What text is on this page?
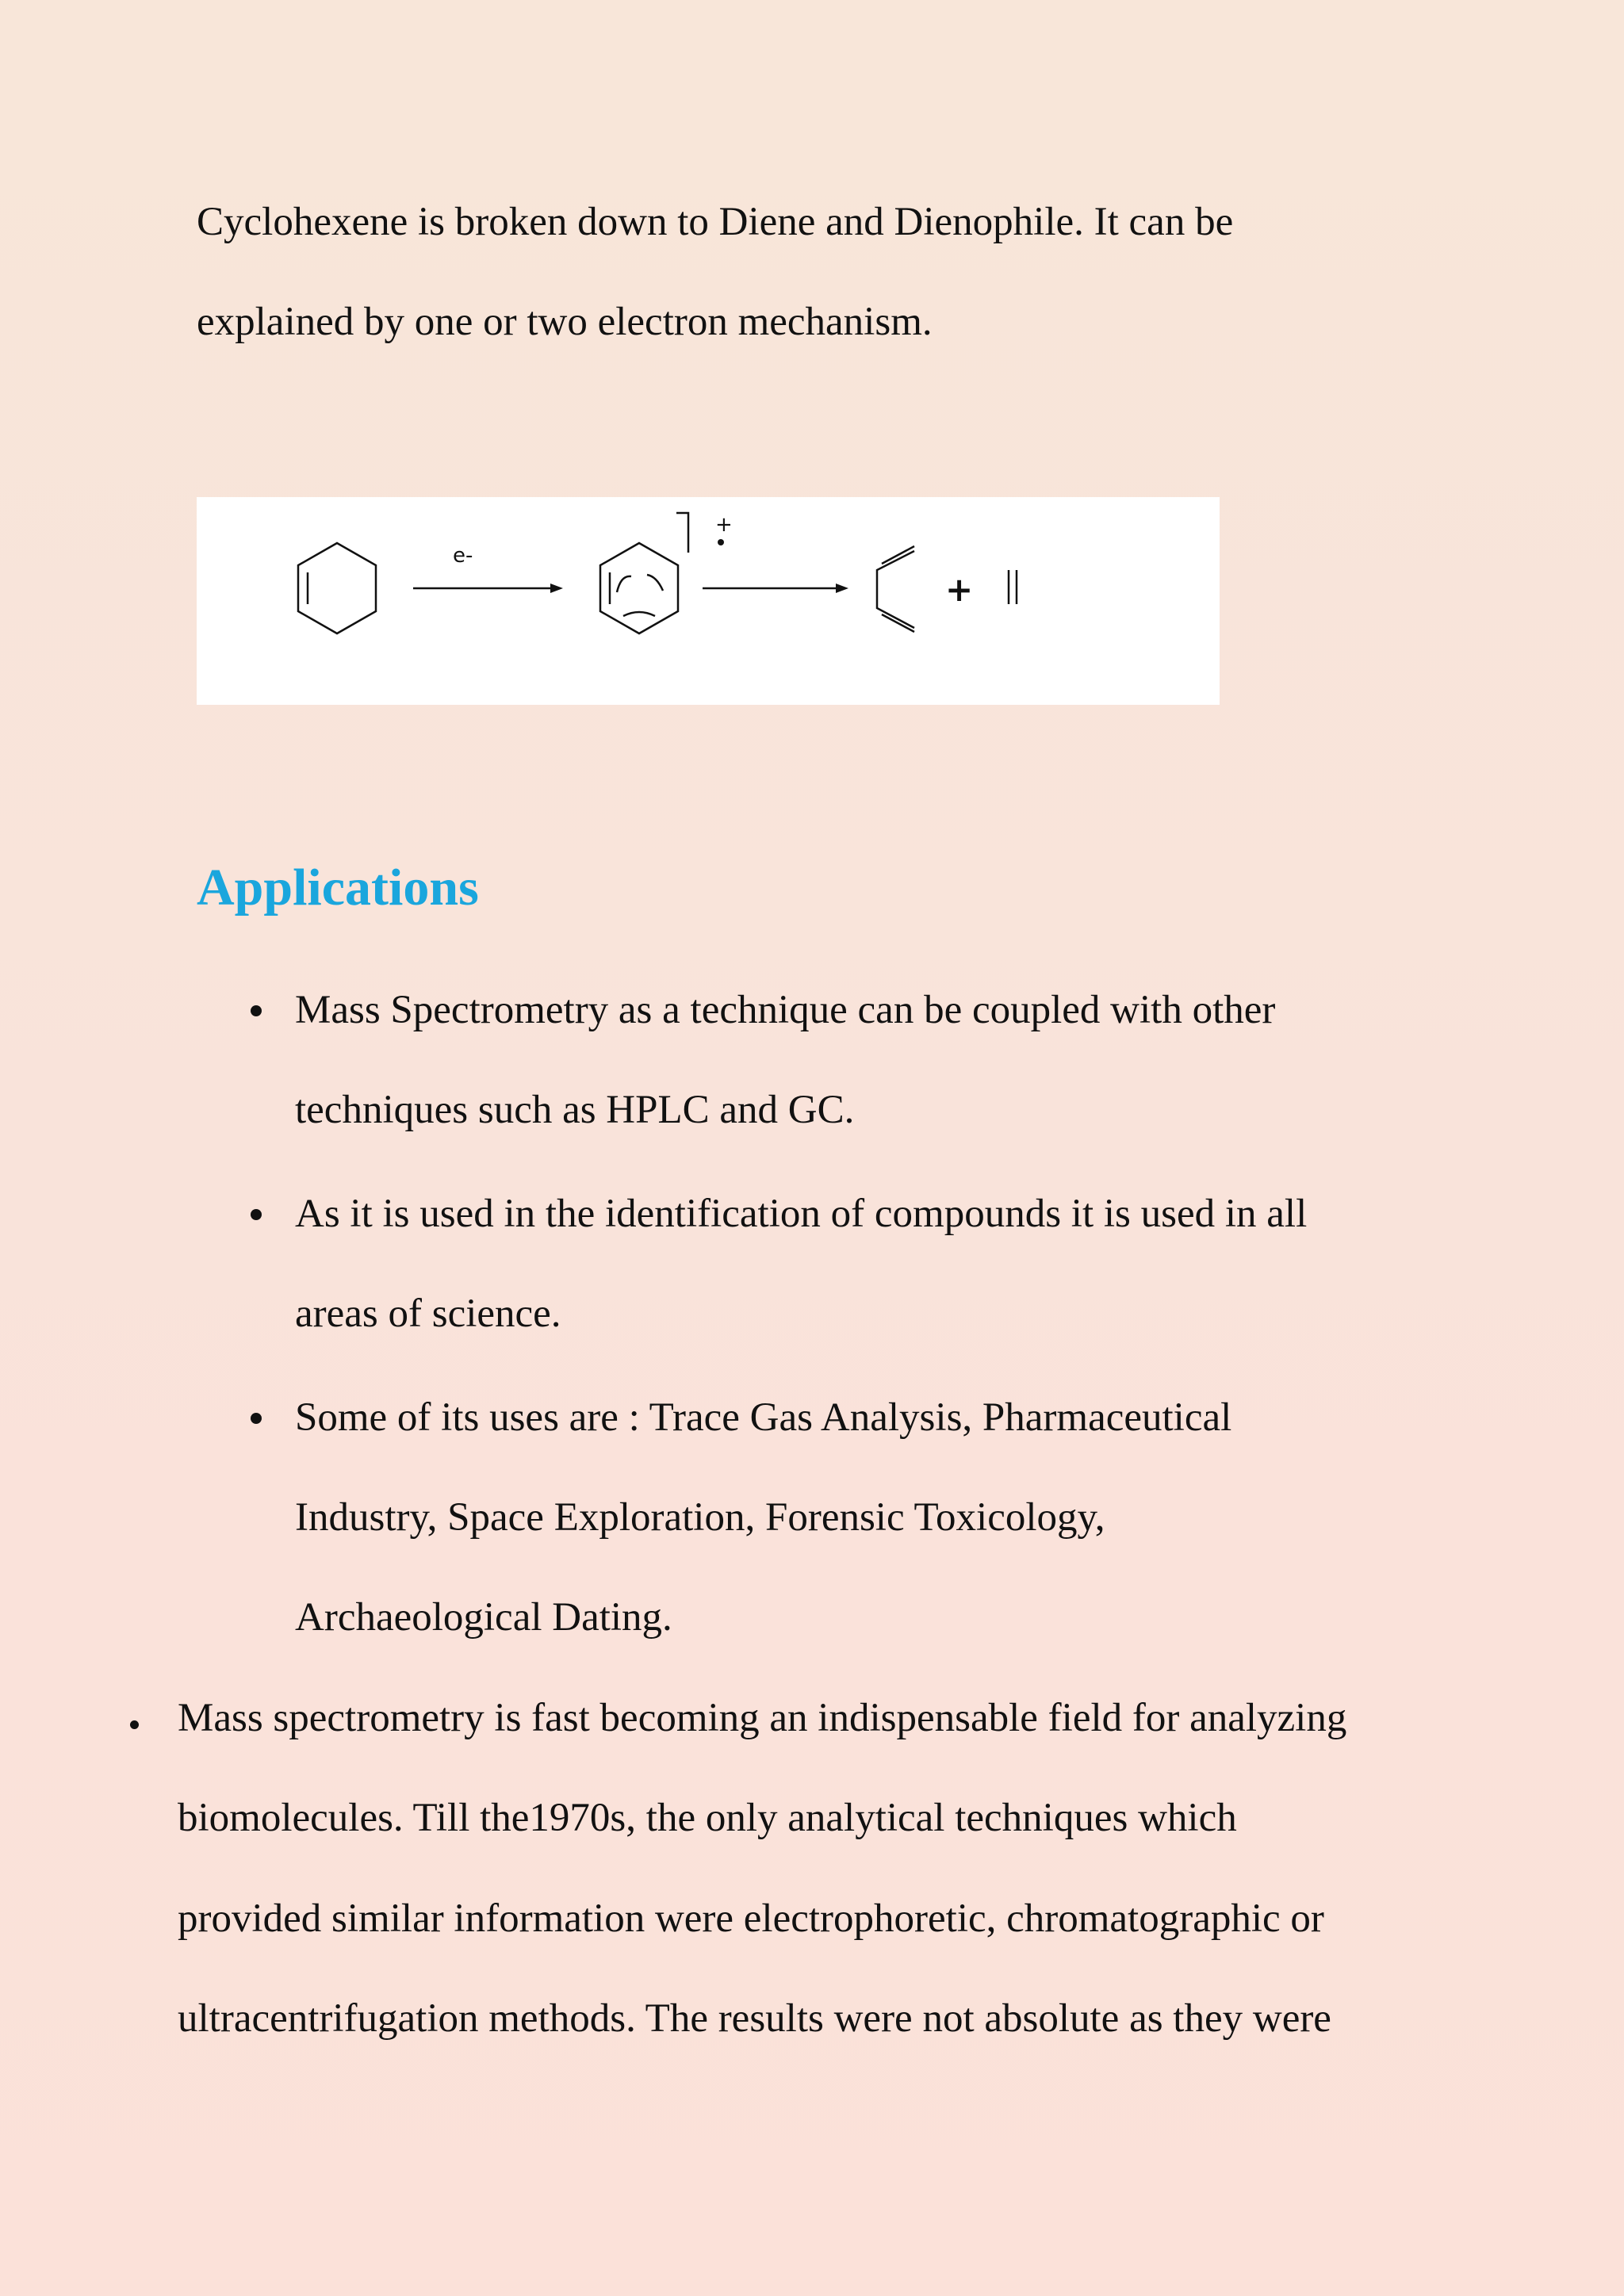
Cyclohexene is broken down to Diene and Dienophile. It can be
explained by one or two electron mechanism.
e-
+
+
Applications
Mass Spectrometry as a technique can be coupled with other
techniques such as HPLC and GC.
As it is used in the identification of compounds it is used in all
areas of science.
Some of its uses are : Trace Gas Analysis, Pharmaceutical
Industry, Space Exploration, Forensic Toxicology,
Archaeological Dating.
Mass spectrometry is fast becoming an indispensable field for analyzing
biomolecules. Till the1970s, the only analytical techniques which
provided similar information were electrophoretic, chromatographic or
ultracentrifugation methods. The results were not absolute as they were
